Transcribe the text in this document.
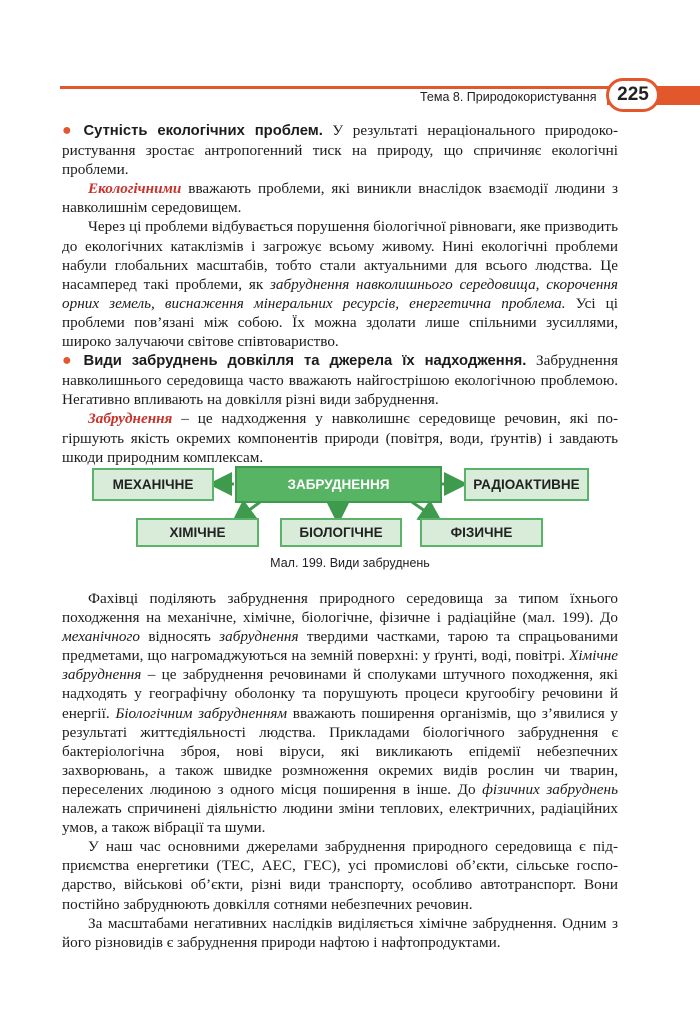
Тема 8. Природокористування	225

● Сутність екологічних проблем. У результаті нераціонального природокористування зростає антропогенний тиск на природу, що спричиняє екологічні проблеми.

Екологічними вважають проблеми, які виникли внаслідок взаємодії людини з навколишнім середовищем.

Через ці проблеми відбувається порушення біологічної рівноваги, яке призводить до екологічних катаклізмів і загрожує всьому живому. Нині екологічні проблеми набули глобальних масштабів, тобто стали актуальними для всього людства. Це насамперед такі проблеми, як забруднення навколишнього середовища, скорочення орних земель, виснаження мінеральних ресурсів, енергетична проблема. Усі ці проблеми пов’язані між собою. Їх можна здолати лише спільними зусиллями, широко залучаючи світове співтовариство.

● Види забруднень довкілля та джерела їх надходження. Забруднення навколишнього середовища часто вважають найгострішою екологічною проблемою. Негативно впливають на довкілля різні види забруднення.

Забруднення – це надходження у навколишнє середовище речовин, які погіршують якість окремих компонентів природи (повітря, води, ґрунтів) і завдають шкоди природним комплексам.

МЕХАНІЧНЕ	ЗАБРУДНЕННЯ	РАДІОАКТИВНЕ
ХІМІЧНЕ	БІОЛОГІЧНЕ	ФІЗИЧНЕ
Мал. 199. Види забруднень

Фахівці поділяють забруднення природного середовища за типом їхнього походження на механічне, хімічне, біологічне, фізичне і радіаційне (мал. 199). До механічного відносять забруднення твердими частками, тарою та спрацьованими предметами, що нагромаджуються на земній поверхні: у ґрунті, воді, повітрі. Хімічне забруднення – це забруднення речовинами й сполуками штучного походження, які надходять у географічну оболонку та порушують процеси кругообігу речовини й енергії. Біологічним забрудненням вважають поширення організмів, що з’явилися у результаті життєдіяльності людства. Прикладами біологічного забруднення є бактеріологічна зброя, нові віруси, які викликають епідемії небезпечних захворювань, а також швидке розмноження окремих видів рослин чи тварин, переселених людиною з одного місця поширення в інше. До фізичних забруднень належать спричинені діяльністю людини зміни теплових, електричних, радіаційних умов, а також вібрації та шуми.

У наш час основними джерелами забруднення природного середовища є підприємства енергетики (ТЕС, АЕС, ГЕС), усі промислові об’єкти, сільське господарство, військові об’єкти, різні види транспорту, особливо автотранспорт. Вони постійно забруднюють довкілля сотнями небезпечних речовин.

За масштабами негативних наслідків виділяється хімічне забруднення. Одним з його різновидів є забруднення природи нафтою і нафтопродуктами.
